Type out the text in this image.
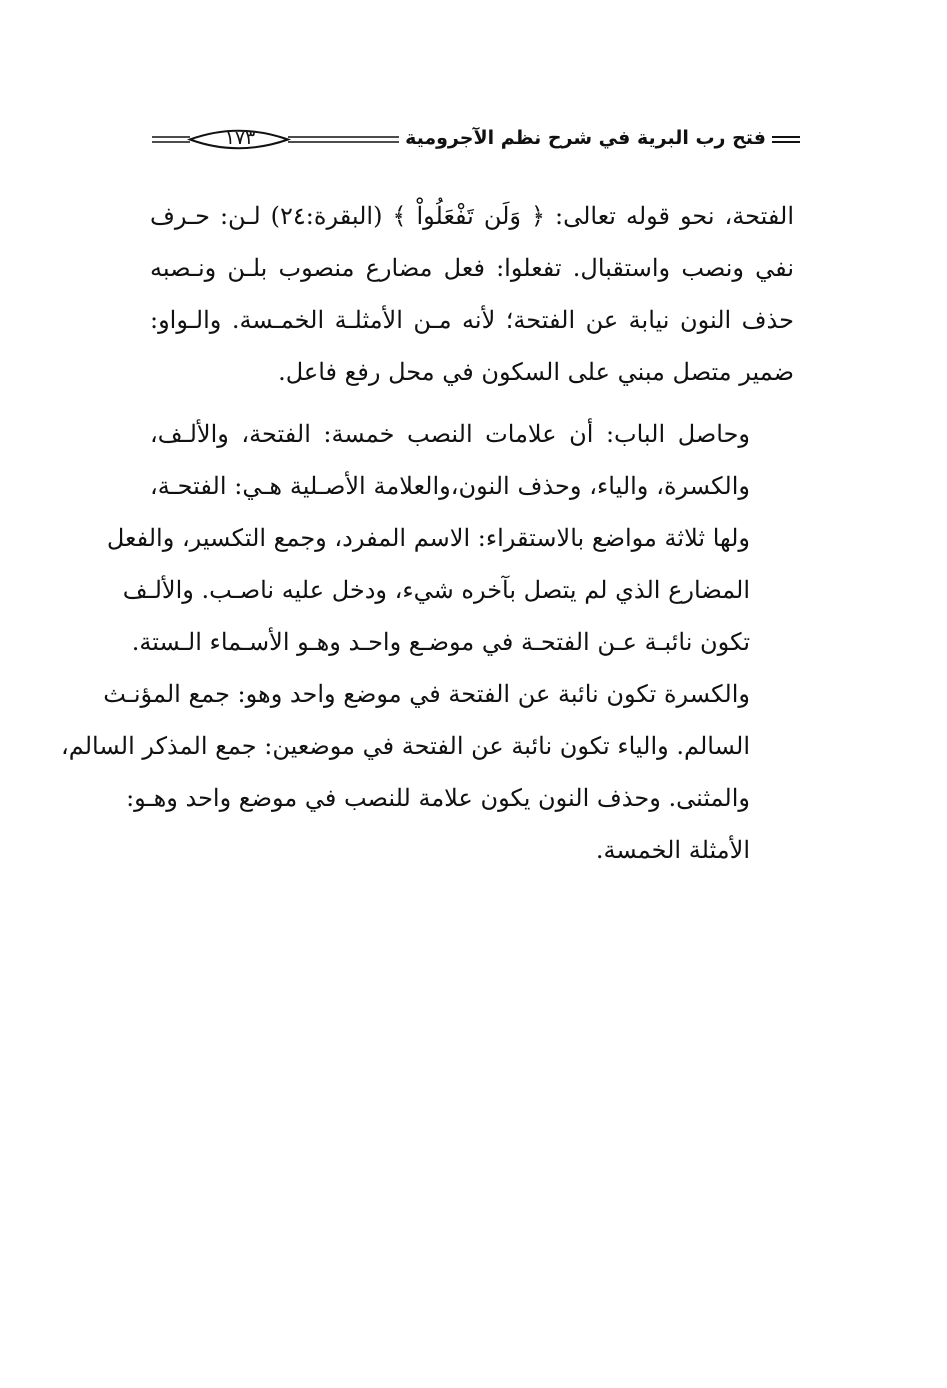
فتح رب البرية في شرح نظم الآجرومية
١٧٣

الفتحة، نحو قوله تعالى: ﴿ وَلَن تَفْعَلُواْ ﴾ (البقرة:٢٤) لـن: حـرف
نفي ونصب واستقبال. تفعلوا: فعل مضارع منصوب بلـن ونـصبه
حذف النون نيابة عن الفتحة؛ لأنه مـن الأمثلـة الخمـسة. والـواو:
ضمير متصل مبني على السكون في محل رفع فاعل.

وحاصل الباب: أن علامات النصب خمسة: الفتحة، والألـف،
والكسرة، والياء، وحذف النون،والعلامة الأصـلية هـي: الفتحـة،
ولها ثلاثة مواضع بالاستقراء: الاسم المفرد، وجمع التكسير، والفعل
المضارع الذي لم يتصل بآخره شيء، ودخل عليه ناصـب. والألـف
تكون نائبـة عـن الفتحـة في موضـع واحـد وهـو الأسـماء الـستة.
والكسرة تكون نائبة عن الفتحة في موضع واحد وهو: جمع المؤنـث
السالم. والياء تكون نائبة عن الفتحة في موضعين: جمع المذكر السالم،
والمثنى. وحذف النون يكون علامة للنصب في موضع واحد وهـو:
الأمثلة الخمسة.
